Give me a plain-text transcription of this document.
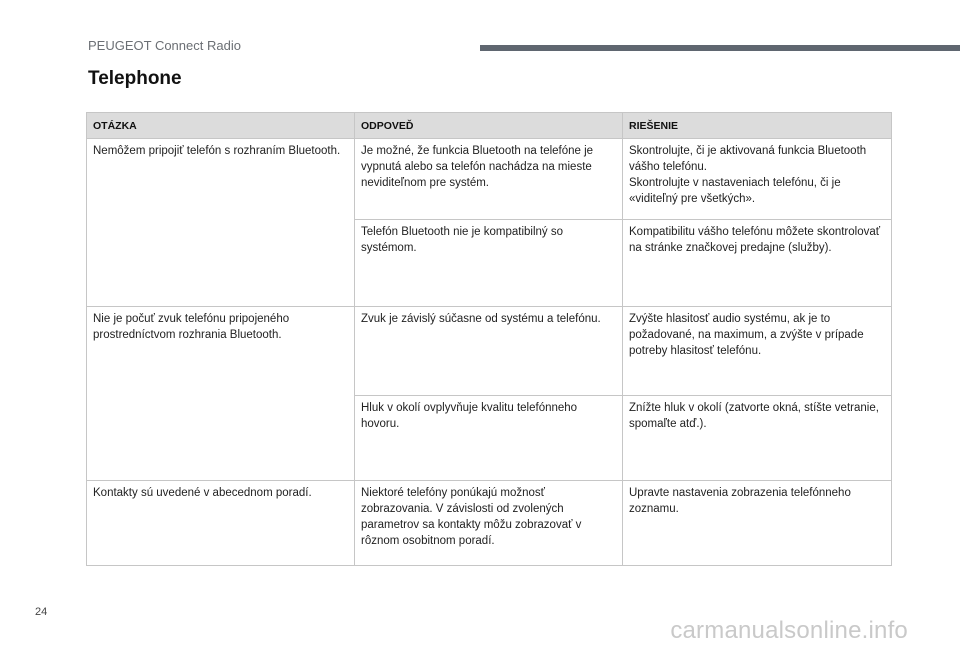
PEUGEOT Connect Radio
Telephone
OTÁZKA	ODPOVEĎ	RIEŠENIE

Nemôžem pripojiť telefón s rozhraním Bluetooth.	Je možné, že funkcia Bluetooth na telefóne je vypnutá alebo sa telefón nachádza na mieste neviditeľnom pre systém.	Skontrolujte, či je aktivovaná funkcia Bluetooth vášho telefónu.
Skontrolujte v nastaveniach telefónu, či je «viditeľný pre všetkých».

	Telefón Bluetooth nie je kompatibilný so systémom.	Kompatibilitu vášho telefónu môžete skontrolovať na stránke značkovej predajne (služby).

Nie je počuť zvuk telefónu pripojeného prostredníctvom rozhrania Bluetooth.	Zvuk je závislý súčasne od systému a telefónu.	Zvýšte hlasitosť audio systému, ak je to požadované, na maximum, a zvýšte v prípade potreby hlasitosť telefónu.

	Hluk v okolí ovplyvňuje kvalitu telefónneho hovoru.	Znížte hluk v okolí (zatvorte okná, stíšte vetranie, spomaľte atď.).

Kontakty sú uvedené v abecednom poradí.	Niektoré telefóny ponúkajú možnosť zobrazovania. V závislosti od zvolených parametrov sa kontakty môžu zobrazovať v rôznom osobitnom poradí.	Upravte nastavenia zobrazenia telefónneho zoznamu.
24
carmanualsonline.info
